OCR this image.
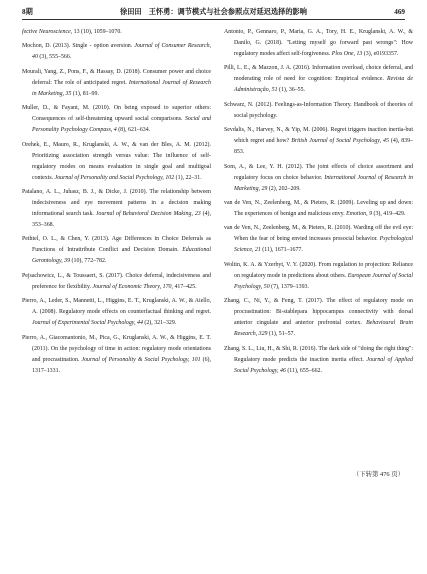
8期	徐田田　王怀勇：调节模式与社会参照点对延迟选择的影响	469

fective Neuroscience, 13 (10), 1059–1070.

Mochon, D. (2013). Single - option aversion. Journal of Consumer Research, 40 (3), 555–566.

Mourali, Yang, Z., Pons, F., & Hassay, D. (2018). Consumer power and choice deferral: The role of anticipated regret. International Journal of Research in Marketing, 35 (1), 81–99.

Muller, D., & Fayant, M. (2010). On being exposed to superior others: Consequences of self-threatening upward social comparisons. Social and Personality Psychology Compass, 4 (8), 621–634.

Orehek, E., Mauro, R., Kruglanski, A. W., & van der Bles, A. M. (2012). Prioritizing association strength versus value: The influence of self-regulatory modes on means evaluation in single goal and multigoal contexts. Journal of Personality and Social Psychology, 102 (1), 22–31.

Patalano, A. L., Juhasz, B. J., & Dicke, J. (2010). The relationship between indecisiveness and eye movement patterns in a decision making informational search task. Journal of Behavioral Decision Making, 23 (4), 353–368.

Pethtel, O. L., & Chen, Y. (2013). Age Differences in Choice Deferrals as Functions of Intrattribute Conflict and Decision Domain. Educational Gerontology, 39 (10), 772–782.

Pejsachowicz, L., & Toussaert, S. (2017). Choice deferral, indecisiveness and preference for flexibility. Journal of Economic Theory, 170, 417–425.

Pierro, A., Leder, S., Mannetti, L., Higgins, E. T., Kruglanski, A. W., & Aiello, A. (2008). Regulatory mode effects on counterfactual thinking and regret. Journal of Experimental Social Psychology, 44 (2), 321–329.

Pierro, A., Giacomantonio, M., Pica, G., Kruglanski, A. W., & Higgins, E. T. (2011). On the psychology of time in action: regulatory mode orientations and procrastination. Journal of Personality & Social Psychology, 101 (6), 1317–1331.

Antonio, P., Gennaro, P., Maria, G. A., Tory, H. E., Kruglanski, A. W., & Danilo, G. (2018). "Letting myself go forward past wrongs": How regulatory modes affect self-forgiveness. Plos One, 13 (3), e0193357.

Pilli, L. E., & Mazzon, J. A. (2016). Information overload, choice deferral, and moderating role of need for cognition: Empirical evidence. Revista de Administração, 51 (1), 36–55.

Schwarz, N. (2012). Feelings-as-Information Theory. Handbook of theories of social psychology.

Sevdalis, N., Harvey, N., & Yip, M. (2006). Regret triggers inaction inertia-but which regret and how? British Journal of Social Psychology, 45 (4), 839–853.

Som, A., & Lee, Y. H. (2012). The joint effects of choice assortment and regulatory focus on choice behavior. International Journal of Research in Marketing, 29 (2), 202–209.

van de Ven, N., Zeelenberg, M., & Pieters, R. (2009). Leveling up and down: The experiences of benign and malicious envy. Emotion, 9 (3), 419–429.

van de Ven, N., Zeelenberg, M., & Pieters, R. (2010). Warding off the evil eye: When the fear of being envied increases prosocial behavior. Psychological Science, 21 (11), 1671–1677.

Woltin, K. A. & Yzerbyt, V. Y. (2020). From regulation to projection: Reliance on regulatory mode in predictions about others. European Journal of Social Psychology, 50 (7), 1379–1393.

Zhang, C., Ni, Y., & Feng, T. (2017). The effect of regulatory mode on procrastination: Bi-stablepara hippocampus connectivity with dorsal anterior cingulate and anterior prefrontal cortex. Behavioural Brain Research, 329 (1), 51–57.

Zhang, S. L., Liu, H., & Shi, R. (2016). The dark side of "doing the right thing": Regulatory mode predicts the inaction inertia effect. Journal of Applied Social Psychology, 46 (11), 655–662.

（下转第 476 页）
